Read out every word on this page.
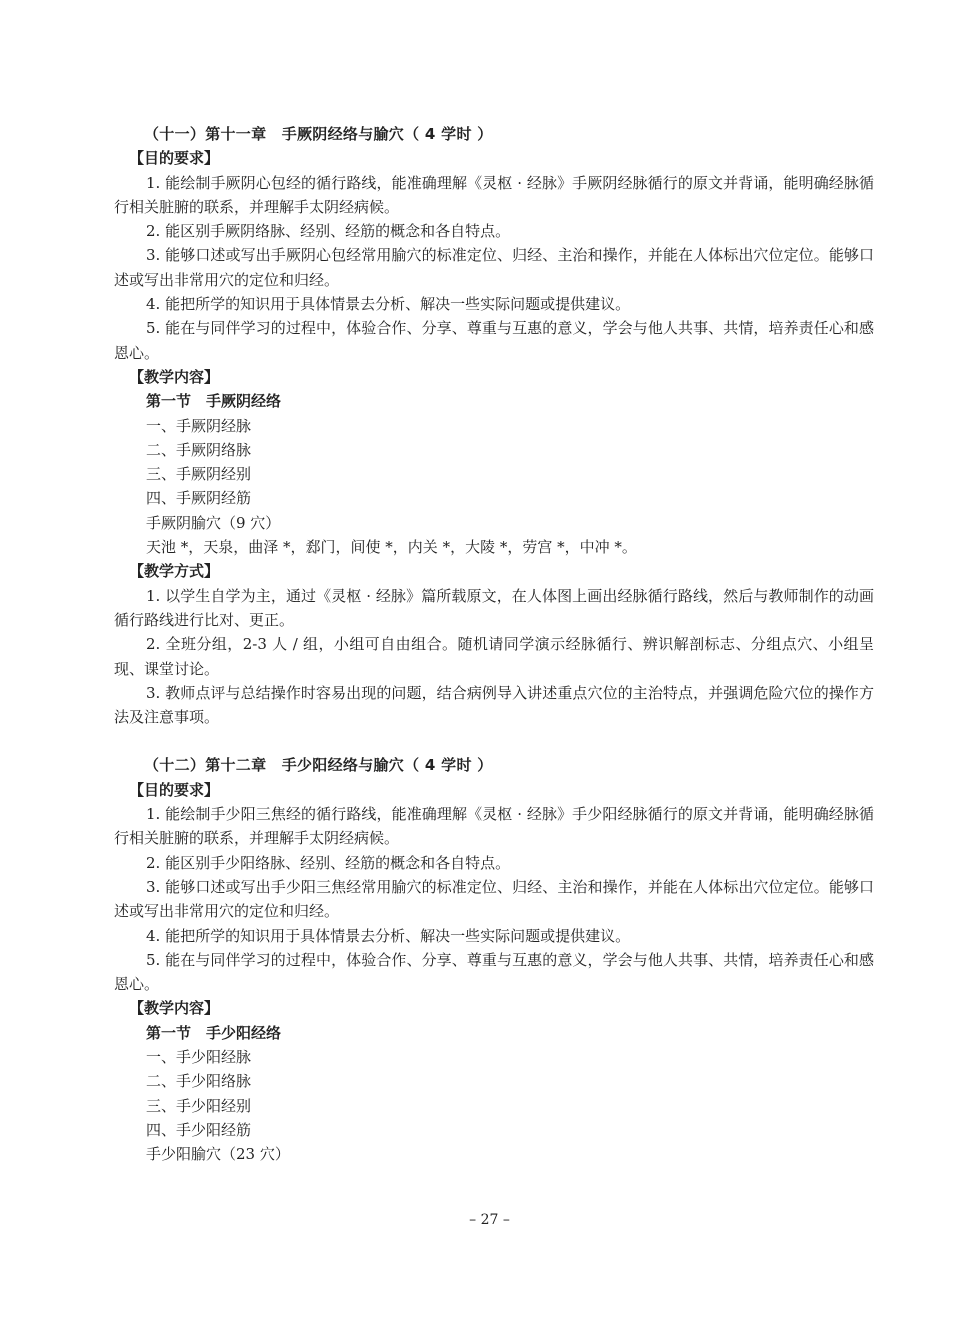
（十一）第十一章　手厥阴经络与腧穴（ 4 学时 ）

【目的要求】

1. 能绘制手厥阴心包经的循行路线，能准确理解《灵枢 · 经脉》手厥阴经脉循行的原文并背诵，能明确经脉循行相关脏腑的联系，并理解手太阴经病候。

2. 能区别手厥阴络脉、经别、经筋的概念和各自特点。

3. 能够口述或写出手厥阴心包经常用腧穴的标准定位、归经、主治和操作，并能在人体标出穴位定位。能够口述或写出非常用穴的定位和归经。

4. 能把所学的知识用于具体情景去分析、解决一些实际问题或提供建议。

5. 能在与同伴学习的过程中，体验合作、分享、尊重与互惠的意义，学会与他人共事、共情，培养责任心和感恩心。

【教学内容】

第一节　手厥阴经络

一、手厥阴经脉

二、手厥阴络脉

三、手厥阴经别

四、手厥阴经筋

手厥阴腧穴（9 穴）

天池 *，天泉，曲泽 *，郄门，间使 *，内关 *，大陵 *，劳宫 *，中冲 *。

【教学方式】

1. 以学生自学为主，通过《灵枢 · 经脉》篇所载原文，在人体图上画出经脉循行路线，然后与教师制作的动画循行路线进行比对、更正。

2. 全班分组，2-3 人 / 组，小组可自由组合。随机请同学演示经脉循行、辨识解剖标志、分组点穴、小组呈现、课堂讨论。

3. 教师点评与总结操作时容易出现的问题，结合病例导入讲述重点穴位的主治特点，并强调危险穴位的操作方法及注意事项。

（十二）第十二章　手少阳经络与腧穴（ 4 学时 ）

【目的要求】

1. 能绘制手少阳三焦经的循行路线，能准确理解《灵枢 · 经脉》手少阳经脉循行的原文并背诵，能明确经脉循行相关脏腑的联系，并理解手太阴经病候。

2. 能区别手少阳络脉、经别、经筋的概念和各自特点。

3. 能够口述或写出手少阳三焦经常用腧穴的标准定位、归经、主治和操作，并能在人体标出穴位定位。能够口述或写出非常用穴的定位和归经。

4. 能把所学的知识用于具体情景去分析、解决一些实际问题或提供建议。

5. 能在与同伴学习的过程中，体验合作、分享、尊重与互惠的意义，学会与他人共事、共情，培养责任心和感恩心。

【教学内容】

第一节　手少阳经络

一、手少阳经脉

二、手少阳络脉

三、手少阳经别

四、手少阳经筋

手少阳腧穴（23 穴）

– 27 –
